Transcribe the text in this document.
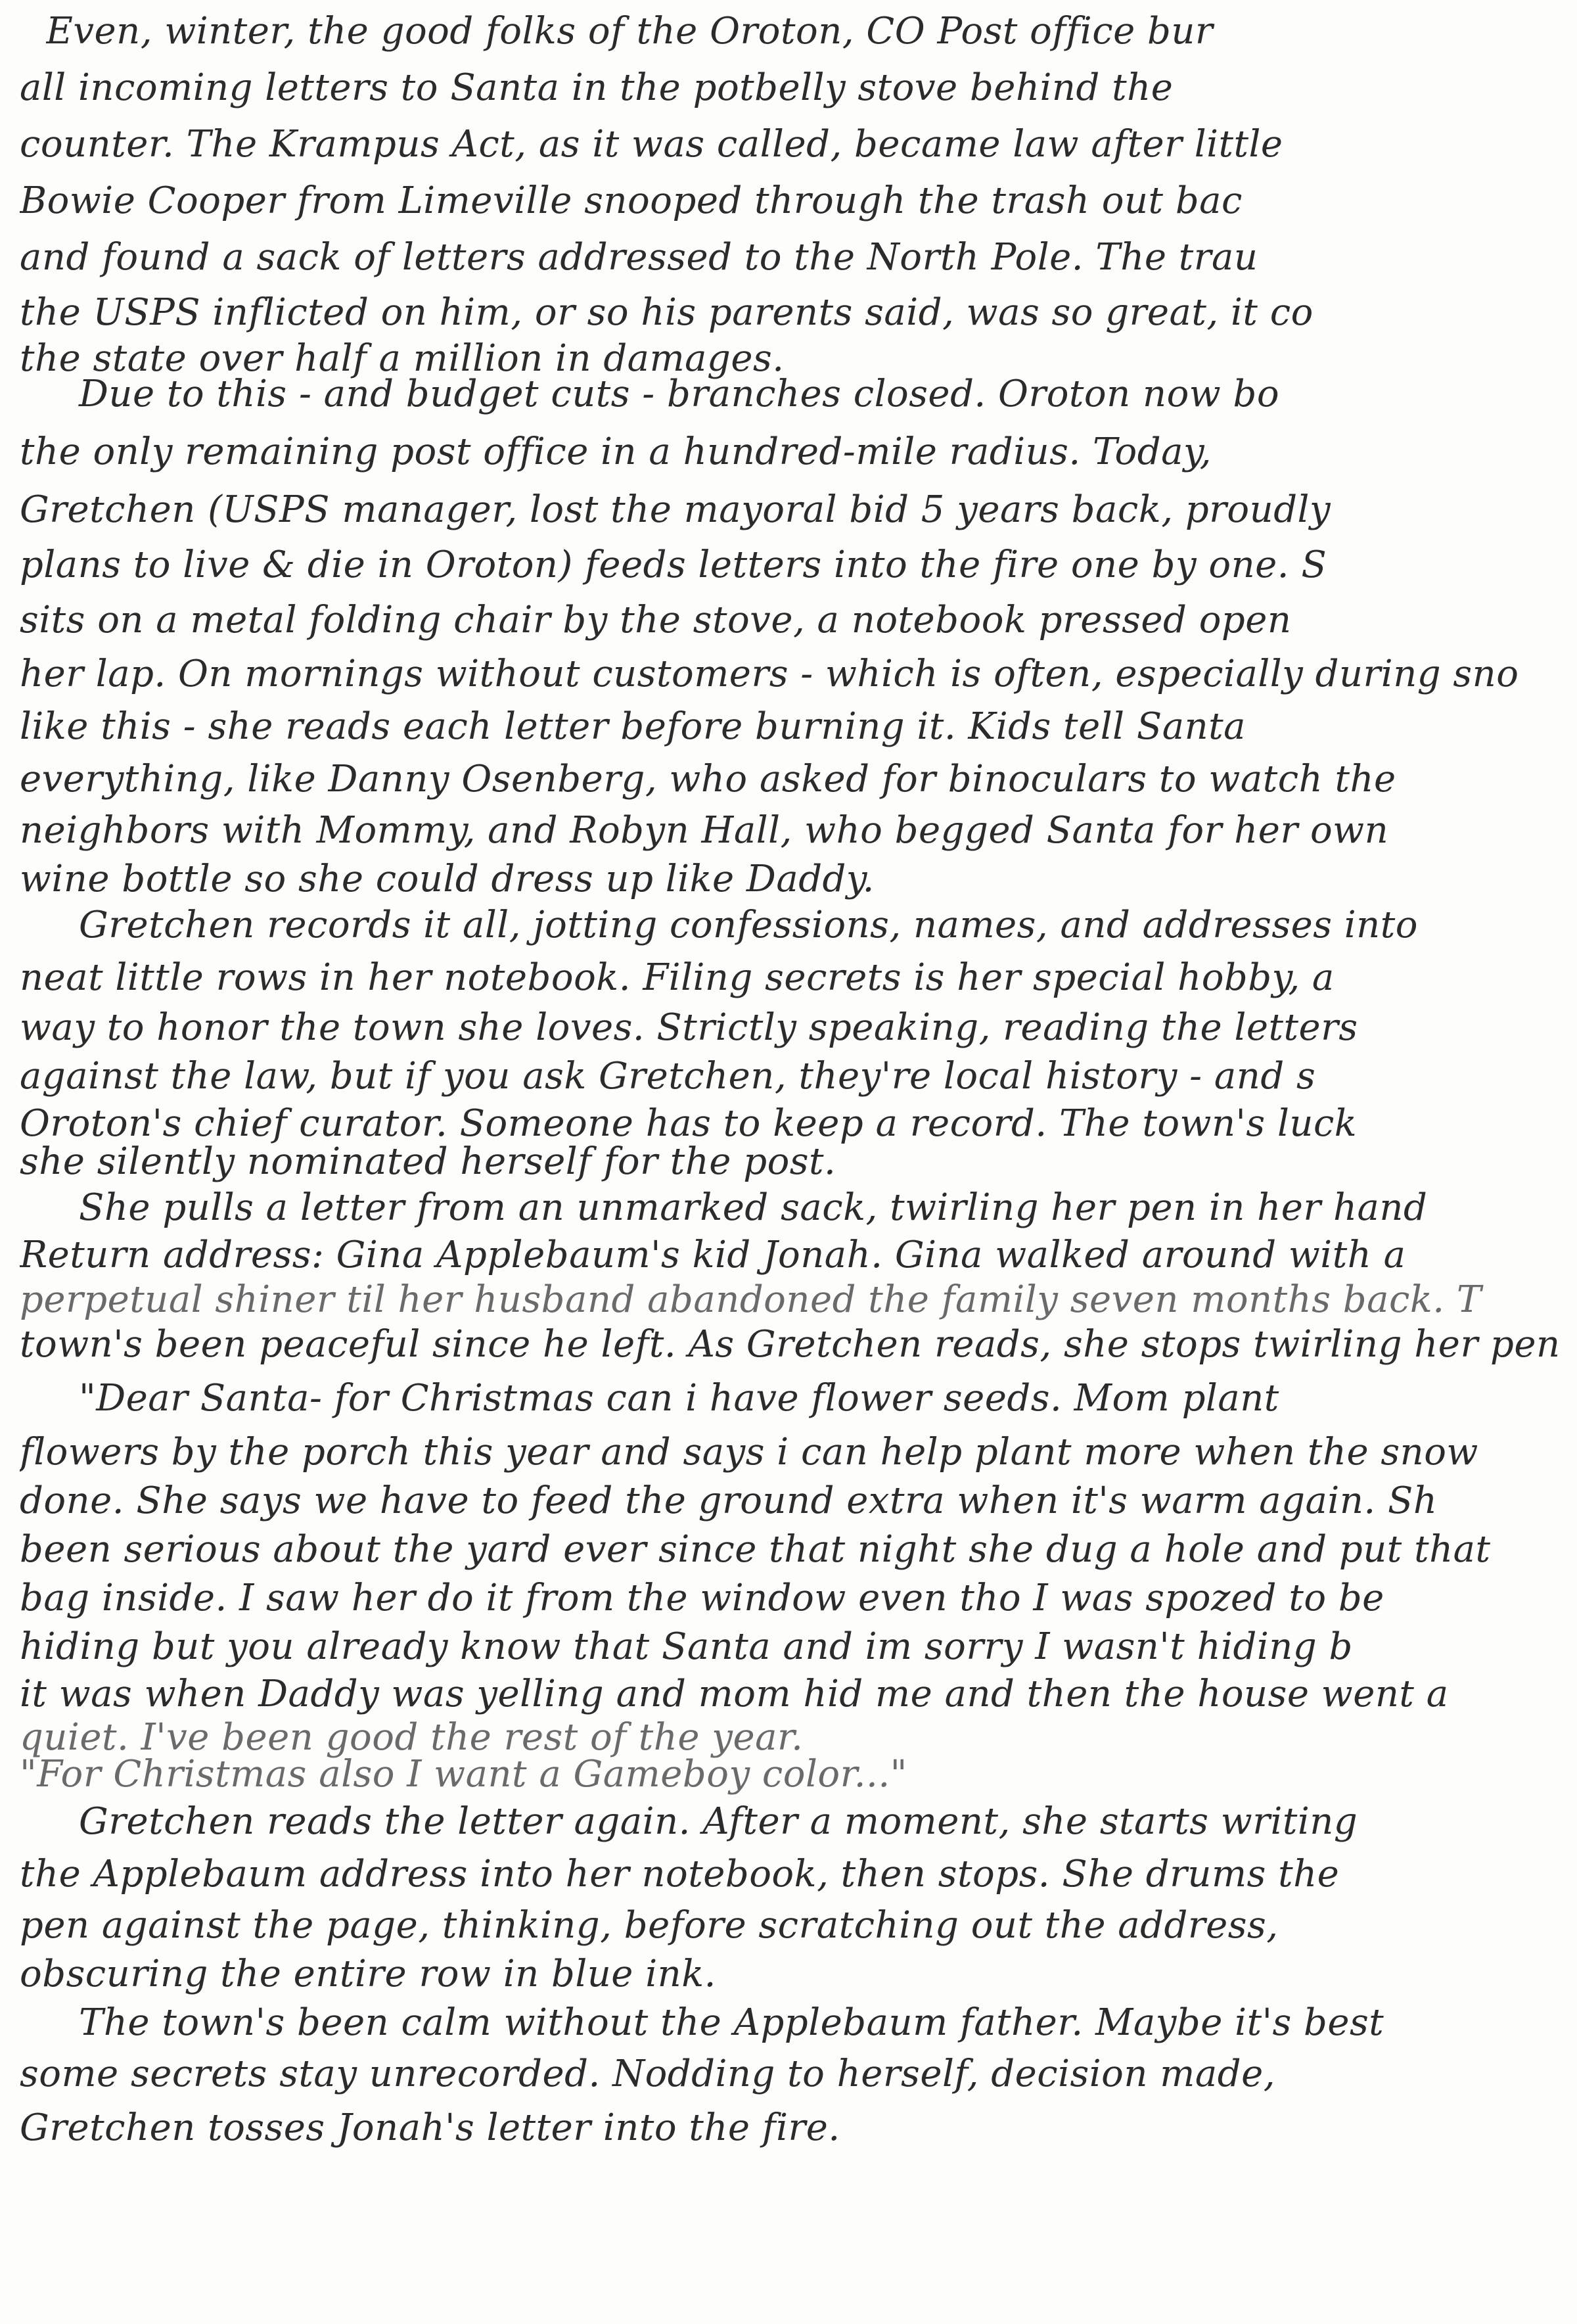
Even, winter, the good folks of the Oroton, CO Post office bur
all incoming letters to Santa in the potbelly stove behind the
counter. The Krampus Act, as it was called, became law after little
Bowie Cooper from Limeville snooped through the trash out bac
and found a sack of letters addressed to the North Pole. The trau
the USPS inflicted on him, or so his parents said, was so great, it co
the state over half a million in damages.
Due to this - and budget cuts - branches closed. Oroton now bo
the only remaining post office in a hundred-mile radius. Today,
Gretchen (USPS manager, lost the mayoral bid 5 years back, proudly
plans to live & die in Oroton) feeds letters into the fire one by one. S
sits on a metal folding chair by the stove, a notebook pressed open
her lap. On mornings without customers - which is often, especially during sno
like this - she reads each letter before burning it. Kids tell Santa
everything, like Danny Osenberg, who asked for binoculars to watch the
neighbors with Mommy, and Robyn Hall, who begged Santa for her own
wine bottle so she could dress up like Daddy.
Gretchen records it all, jotting confessions, names, and addresses into
neat little rows in her notebook. Filing secrets is her special hobby, a
way to honor the town she loves. Strictly speaking, reading the letters
against the law, but if you ask Gretchen, they're local history - and s
Oroton's chief curator. Someone has to keep a record. The town's luck
she silently nominated herself for the post.
She pulls a letter from an unmarked sack, twirling her pen in her hand
Return address: Gina Applebaum's kid Jonah. Gina walked around with a
perpetual shiner til her husband abandoned the family seven months back. T
town's been peaceful since he left. As Gretchen reads, she stops twirling her pen
"Dear Santa- for Christmas can i have flower seeds. Mom plant
flowers by the porch this year and says i can help plant more when the snow
done. She says we have to feed the ground extra when it's warm again. Sh
been serious about the yard ever since that night she dug a hole and put that
bag inside. I saw her do it from the window even tho I was spozed to be
hiding but you already know that Santa and im sorry I wasn't hiding b
it was when Daddy was yelling and mom hid me and then the house went a
quiet. I've been good the rest of the year.
"For Christmas also I want a Gameboy color..."
Gretchen reads the letter again. After a moment, she starts writing
the Applebaum address into her notebook, then stops. She drums the
pen against the page, thinking, before scratching out the address,
obscuring the entire row in blue ink.
The town's been calm without the Applebaum father. Maybe it's best
some secrets stay unrecorded. Nodding to herself, decision made,
Gretchen tosses Jonah's letter into the fire.
